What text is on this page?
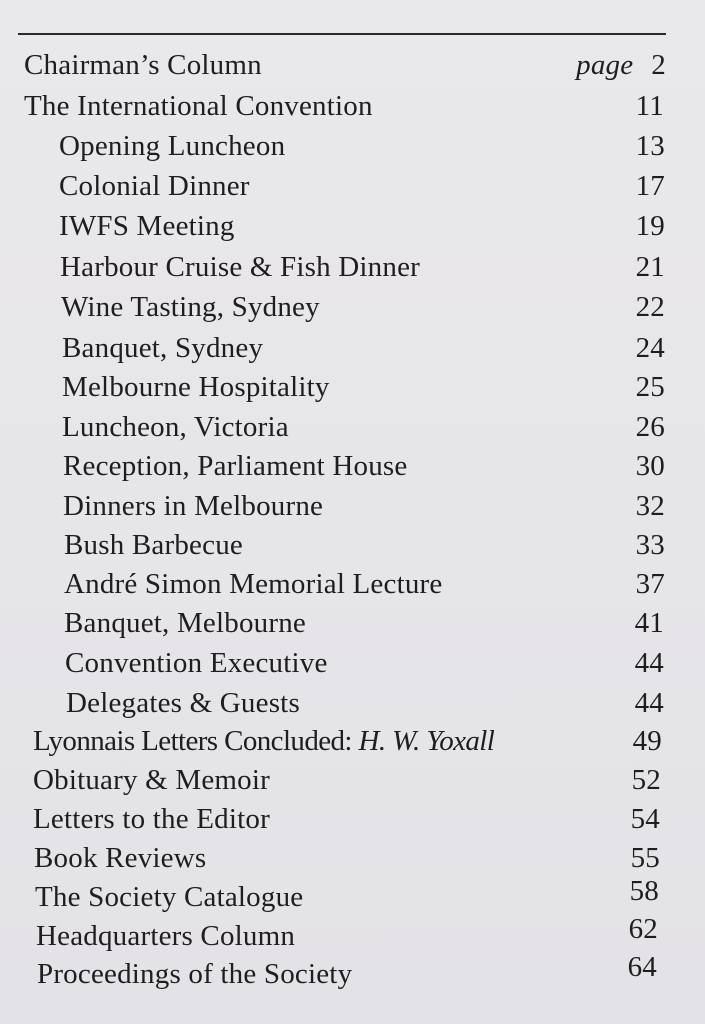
Chairman’s Column	page 2
The International Convention	11
Opening Luncheon	13
Colonial Dinner	17
IWFS Meeting	19
Harbour Cruise & Fish Dinner	21
Wine Tasting, Sydney	22
Banquet, Sydney	24
Melbourne Hospitality	25
Luncheon, Victoria	26
Reception, Parliament House	30
Dinners in Melbourne	32
Bush Barbecue	33
André Simon Memorial Lecture	37
Banquet, Melbourne	41
Convention Executive	44
Delegates & Guests	44
Lyonnais Letters Concluded: H. W. Yoxall	49
Obituary & Memoir	52
Letters to the Editor	54
Book Reviews	55
The Society Catalogue	58
Headquarters Column	62
Proceedings of the Society	64
